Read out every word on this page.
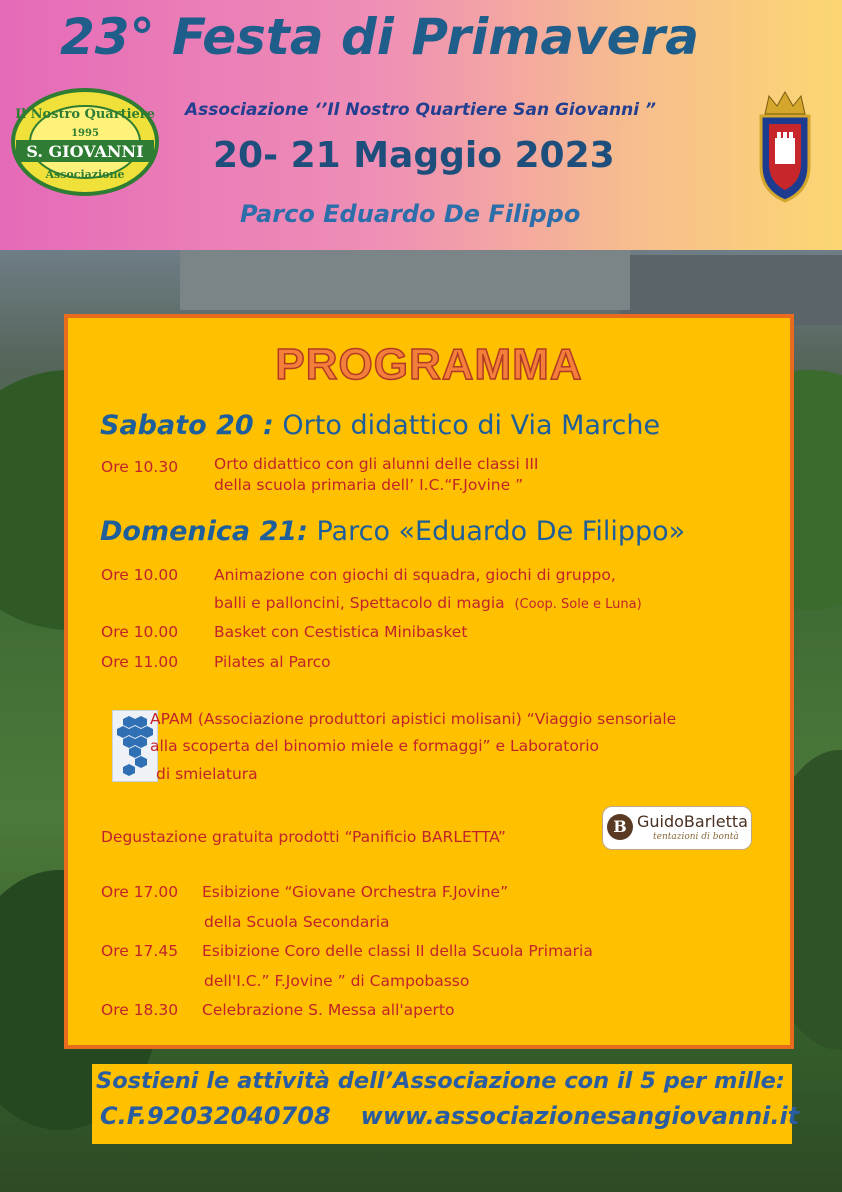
23° Festa di Primavera
Associazione ‘’Il Nostro Quartiere San Giovanni ”
20- 21 Maggio 2023
Parco Eduardo De Filippo
Il Nostro Quartiere
1995
S. GIOVANNI
Associazione
PROGRAMMA
Sabato 20 : Orto didattico di Via Marche
Ore 10.30 Orto didattico con gli alunni delle classi III
della scuola primaria dell’ I.C.“F.Jovine ”
Domenica 21: Parco «Eduardo De Filippo»
Ore 10.00 Animazione con giochi di squadra, giochi di gruppo,
balli e palloncini, Spettacolo di magia (Coop. Sole e Luna)
Ore 10.00 Basket con Cestistica Minibasket
Ore 11.00 Pilates al Parco
APAM (Associazione produttori apistici molisani) “Viaggio sensoriale
alla scoperta del binomio miele e formaggi” e Laboratorio
di smielatura
Degustazione gratuita prodotti “Panificio BARLETTA”
B GuidoBarletta
tentazioni di bontà
Ore 17.00 Esibizione “Giovane Orchestra F.Jovine”
della Scuola Secondaria
Ore 17.45 Esibizione Coro delle classi II della Scuola Primaria
dell'I.C.” F.Jovine ” di Campobasso
Ore 18.30 Celebrazione S. Messa all'aperto
Sostieni le attività dell’Associazione con il 5 per mille:
C.F.92032040708 www.associazionesangiovanni.it
